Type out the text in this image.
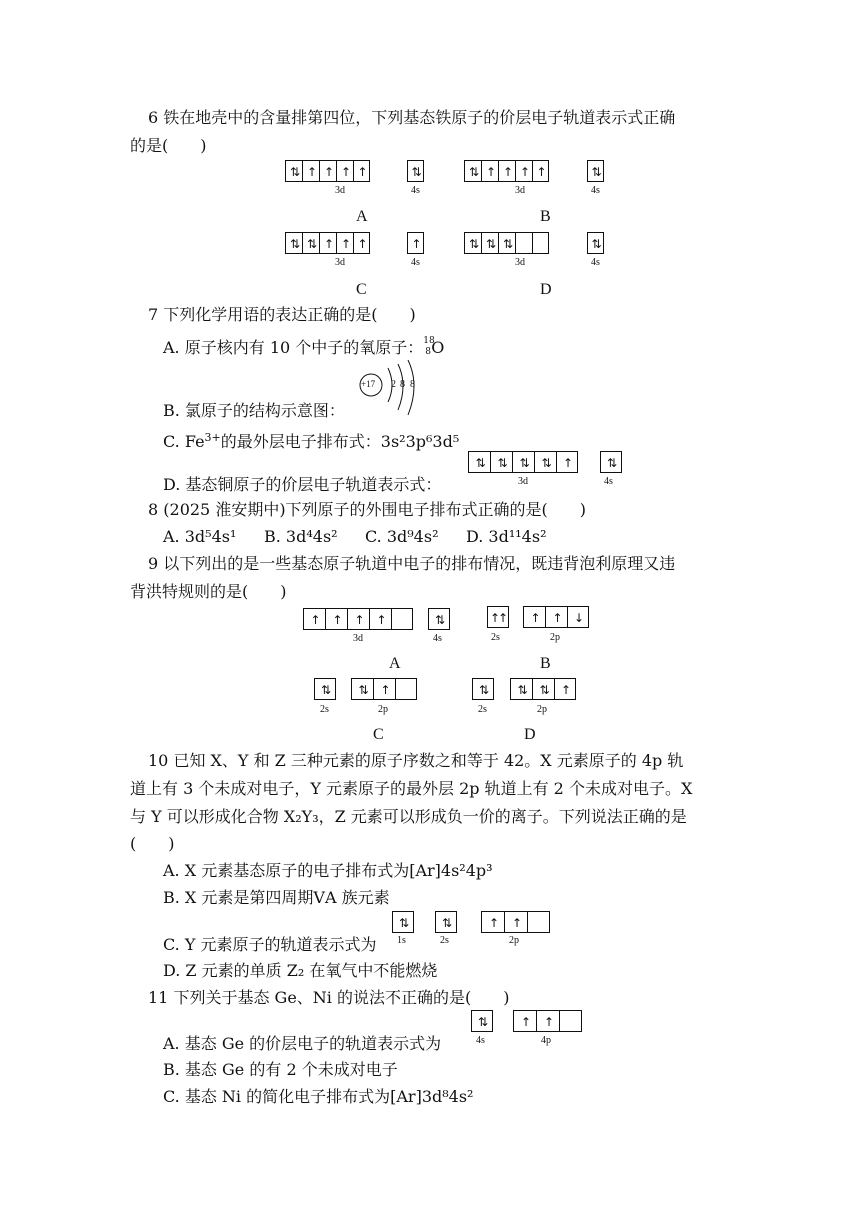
6 铁在地壳中的含量排第四位，下列基态铁原子的价层电子轨道表示式正确
的是(　　)
⇅ ↑ ↑ ↑ ↑	⇅
3d	4s
A
⇅ ↑ ↑ ↑ ↑	⇅
3d	4s
B
⇅ ⇅ ↑ ↑ ↑	↑
3d	4s
C
⇅ ⇅ ⇅	⇅
3d	4s
D
7 下列化学用语的表达正确的是(　　)
A. 原子核内有 10 个中子的氧原子： 18
8 O
+17 2 8 8
B. 氯原子的结构示意图：
C. $Fe^{3+}$的最外层电子排布式：3s²3p⁶3d⁵
⇅	⇅	⇅	⇅	↑	⇅
3d	4s
D. 基态铜原子的价层电子轨道表示式：
8 (2025 淮安期中)下列原子的外围电子排布式正确的是(　　)
A. 3d⁵4s¹ B. 3d⁴4s² C. 3d⁹4s² D. 3d¹¹4s²
9 以下列出的是一些基态原子轨道中电子的排布情况，既违背泡利原理又违
背洪特规则的是(　　)
↑	↑	↑	↑	⇅
3d	4s
A
↑↑	↑	↑	↓
2s	2p
B
⇅	⇅	↑
2s	2p
C
⇅	⇅	⇅	↑
2s	2p
D
10 已知 X、Y 和 Z 三种元素的原子序数之和等于 42。X 元素原子的 4p 轨
道上有 3 个未成对电子，Y 元素原子的最外层 2p 轨道上有 2 个未成对电子。X
与 Y 可以形成化合物 X₂Y₃，Z 元素可以形成负一价的离子。下列说法正确的是
(　　)
A. X 元素基态原子的电子排布式为[Ar]4s²4p³
B. X 元素是第四周期ⅤA 族元素
⇅	⇅	↑	↑
1s	2s	2p
C. Y 元素原子的轨道表示式为
D. Z 元素的单质 Z₂ 在氧气中不能燃烧
11 下列关于基态 Ge、Ni 的说法不正确的是(　　)
⇅	↑	↑
4s	4p
A. 基态 Ge 的价层电子的轨道表示式为
B. 基态 Ge 的有 2 个未成对电子
C. 基态 Ni 的简化电子排布式为[Ar]3d⁸4s²
